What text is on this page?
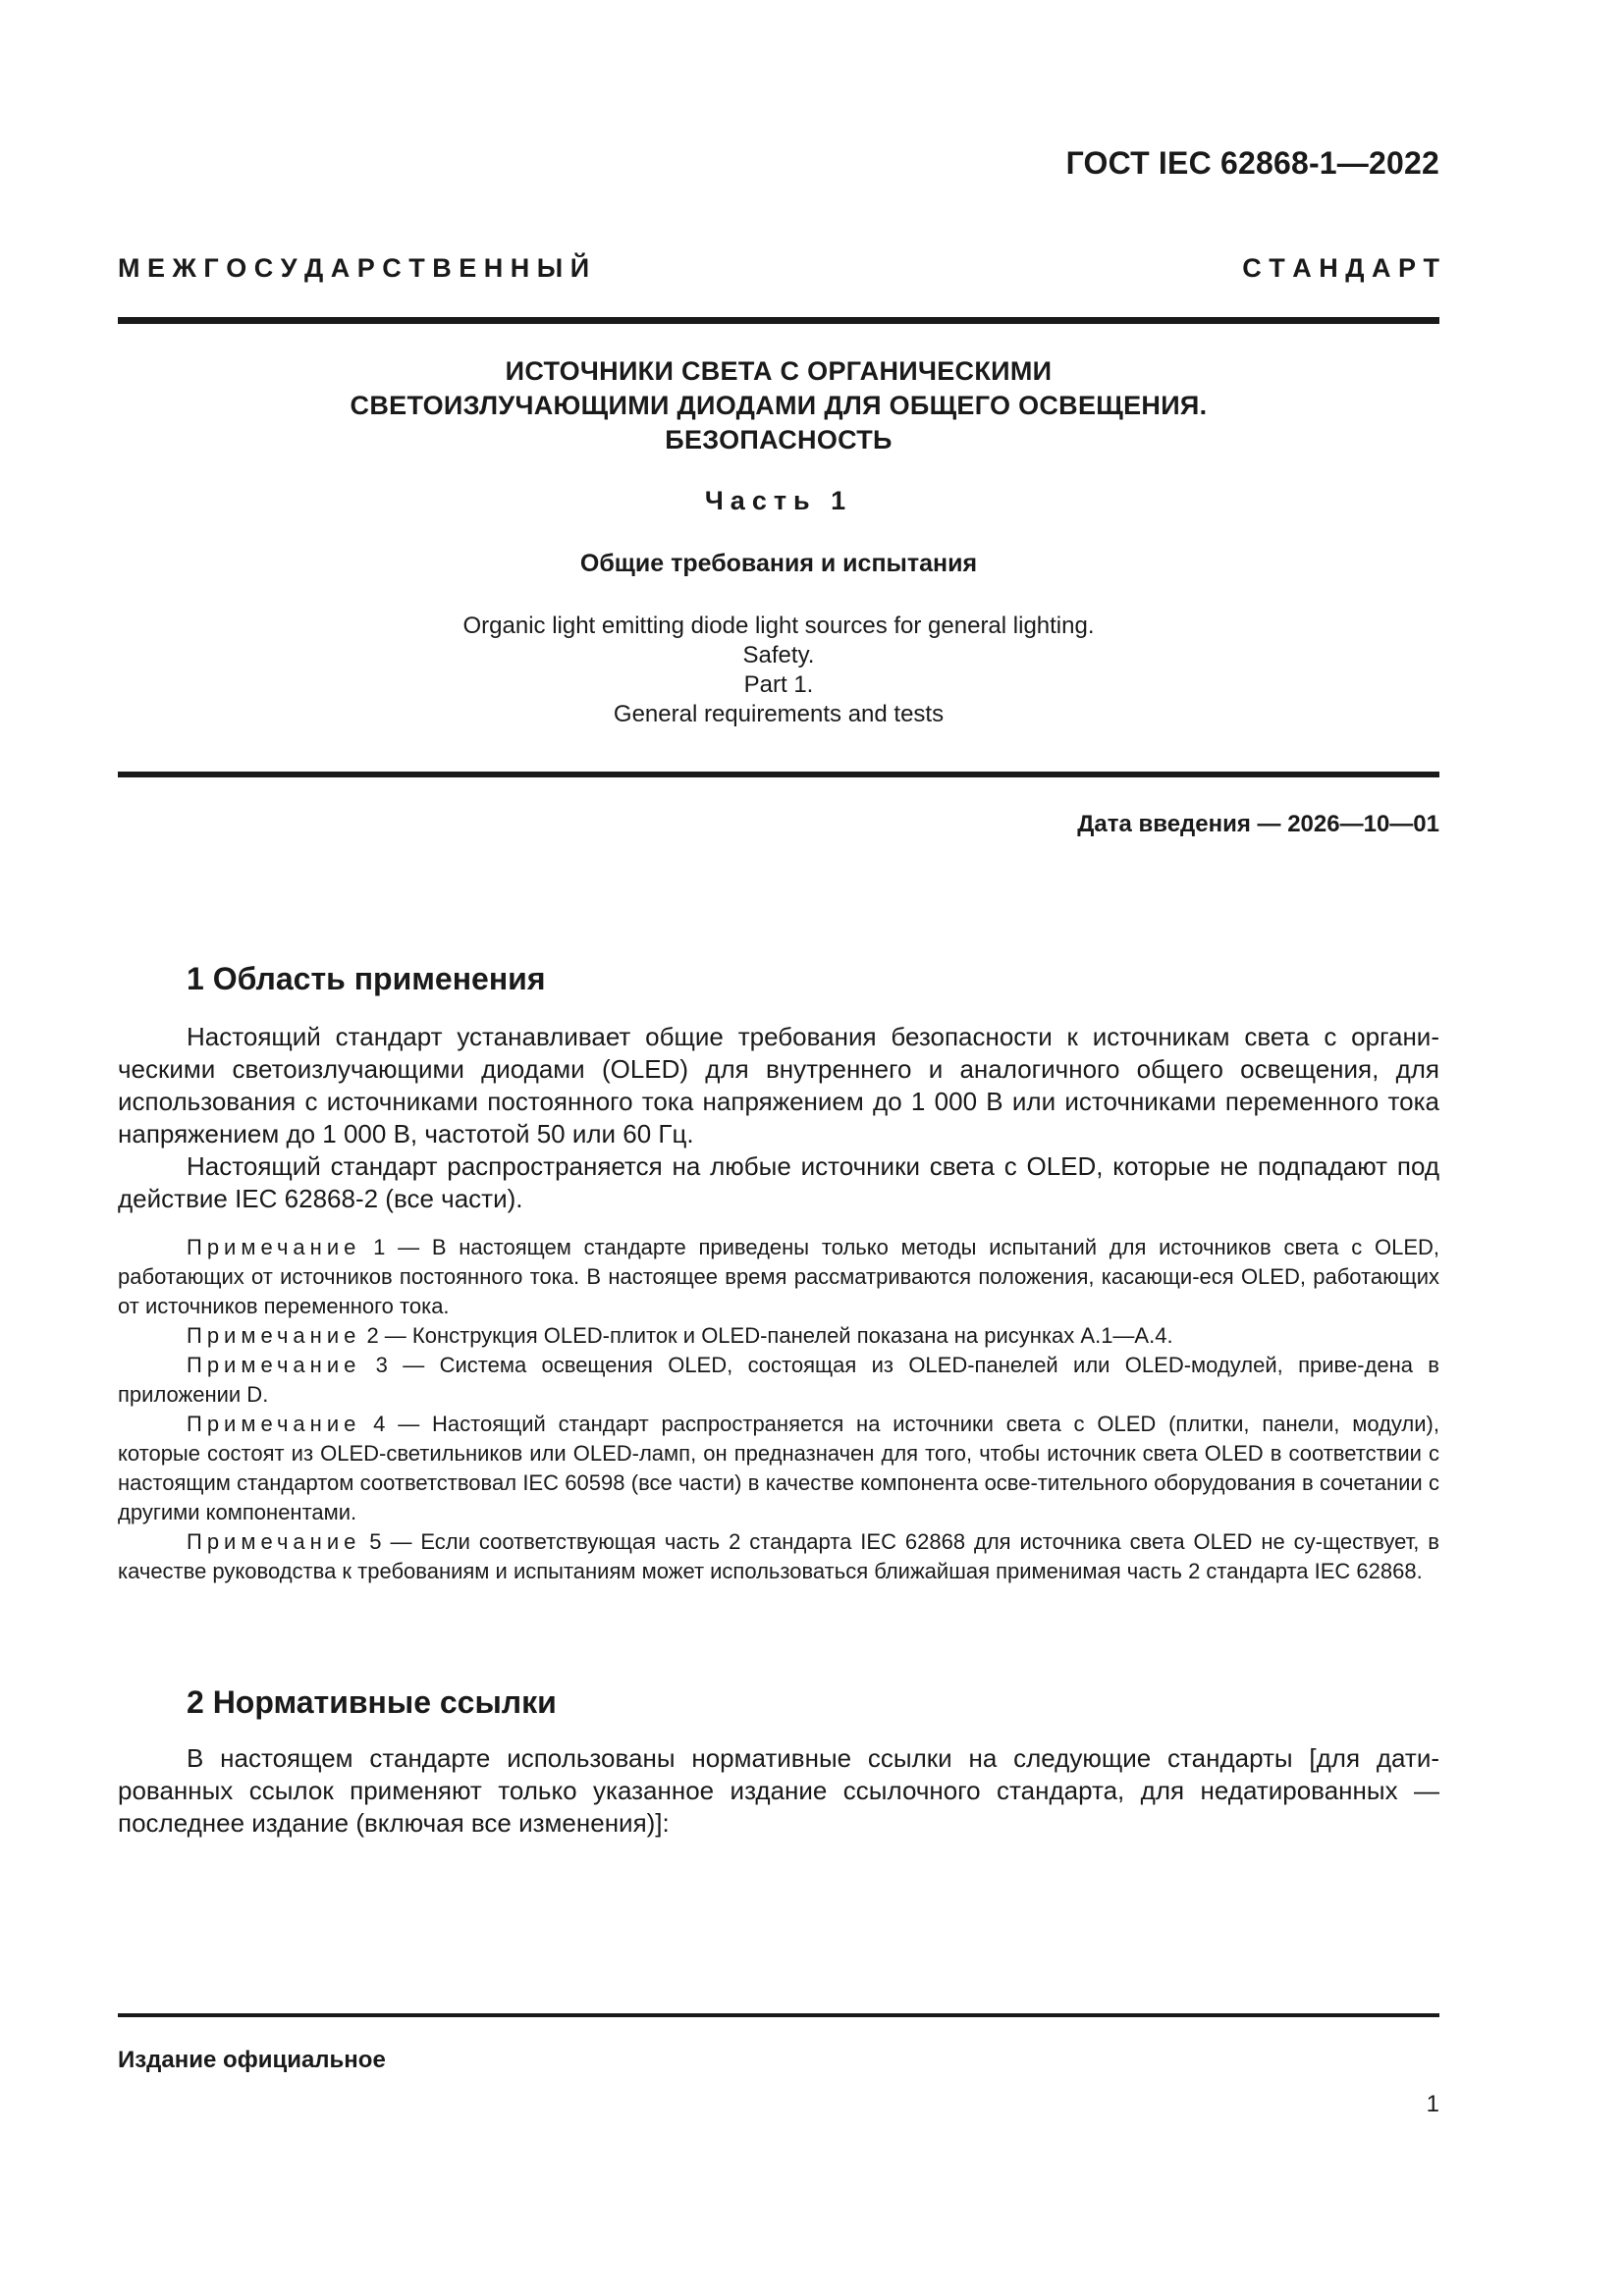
ГОСТ IEC 62868-1—2022
М Е Ж Г О С У Д А Р С Т В Е Н Н Ы Й	С Т А Н Д А Р Т
ИСТОЧНИКИ СВЕТА С ОРГАНИЧЕСКИМИ
СВЕТОИЗЛУЧАЮЩИМИ ДИОДАМИ ДЛЯ ОБЩЕГО ОСВЕЩЕНИЯ.
БЕЗОПАСНОСТЬ
Часть 1
Общие требования и испытания
Organic light emitting diode light sources for general lighting.
Safety.
Part 1.
General requirements and tests
Дата введения — 2026—10—01
1 Область применения

Настоящий стандарт устанавливает общие требования безопасности к источникам света с органи- ческими светоизлучающими диодами (OLED) для внутреннего и аналогичного общего освещения, для использования с источниками постоянного тока напряжением до 1 000 В или источниками переменного тока напряжением до 1 000 В, частотой 50 или 60 Гц.

Настоящий стандарт распространяется на любые источники света с OLED, которые не подпадают под действие IEC 62868-2 (все части).

Примечание 1 — В настоящем стандарте приведены только методы испытаний для источников света с OLED, работающих от источников постоянного тока. В настоящее время рассматриваются положения, касающи-еся OLED, работающих от источников переменного тока.

Примечание 2 — Конструкция OLED-плиток и OLED-панелей показана на рисунках А.1—А.4.

Примечание 3 — Система освещения OLED, состоящая из OLED-панелей или OLED-модулей, приве-дена в приложении D.

Примечание 4 — Настоящий стандарт распространяется на источники света с OLED (плитки, панели, модули), которые состоят из OLED-светильников или OLED-ламп, он предназначен для того, чтобы источник света OLED в соответствии с настоящим стандартом соответствовал IEC 60598 (все части) в качестве компонента осве-тительного оборудования в сочетании с другими компонентами.

Примечание 5 — Если соответствующая часть 2 стандарта IEC 62868 для источника света OLED не су-ществует, в качестве руководства к требованиям и испытаниям может использоваться ближайшая применимая часть 2 стандарта IEC 62868.

2 Нормативные ссылки

В настоящем стандарте использованы нормативные ссылки на следующие стандарты [для дати-рованных ссылок применяют только указанное издание ссылочного стандарта, для недатированных — последнее издание (включая все изменения)]:

Издание официальное
1
